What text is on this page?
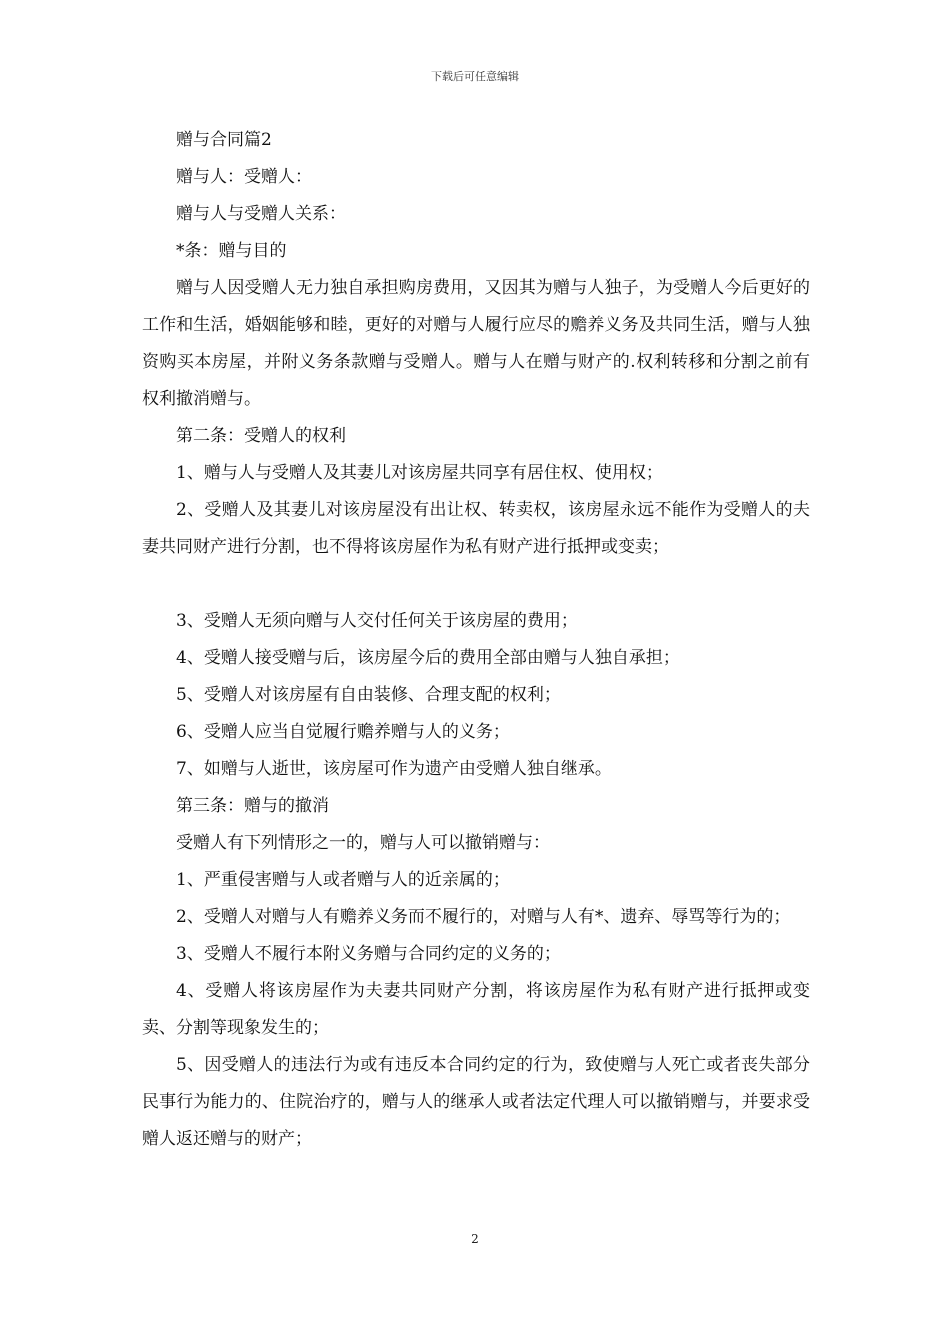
下载后可任意编辑

赠与合同篇2

赠与人：受赠人：

赠与人与受赠人关系：

*条：赠与目的

赠与人因受赠人无力独自承担购房费用，又因其为赠与人独子，为受赠人今后更好的工作和生活，婚姻能够和睦，更好的对赠与人履行应尽的赡养义务及共同生活，赠与人独资购买本房屋，并附义务条款赠与受赠人。赠与人在赠与财产的.权利转移和分割之前有权利撤消赠与。

第二条：受赠人的权利

1、赠与人与受赠人及其妻儿对该房屋共同享有居住权、使用权；

2、受赠人及其妻儿对该房屋没有出让权、转卖权，该房屋永远不能作为受赠人的夫妻共同财产进行分割，也不得将该房屋作为私有财产进行抵押或变卖；

3、受赠人无须向赠与人交付任何关于该房屋的费用；

4、受赠人接受赠与后，该房屋今后的费用全部由赠与人独自承担；

5、受赠人对该房屋有自由装修、合理支配的权利；

6、受赠人应当自觉履行赡养赠与人的义务；

7、如赠与人逝世，该房屋可作为遗产由受赠人独自继承。

第三条：赠与的撤消

受赠人有下列情形之一的，赠与人可以撤销赠与：

1、严重侵害赠与人或者赠与人的近亲属的；

2、受赠人对赠与人有赡养义务而不履行的，对赠与人有*、遗弃、辱骂等行为的；

3、受赠人不履行本附义务赠与合同约定的义务的；

4、受赠人将该房屋作为夫妻共同财产分割，将该房屋作为私有财产进行抵押或变卖、分割等现象发生的；

5、因受赠人的违法行为或有违反本合同约定的行为，致使赠与人死亡或者丧失部分民事行为能力的、住院治疗的，赠与人的继承人或者法定代理人可以撤销赠与，并要求受赠人返还赠与的财产；

2
